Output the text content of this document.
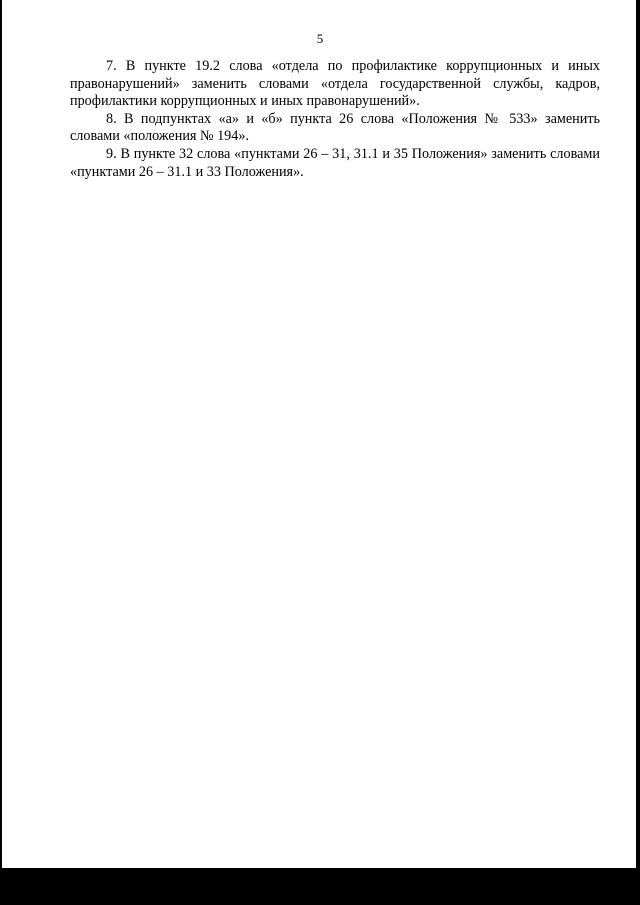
5

7. В пункте 19.2 слова «отдела по профилактике коррупционных и иных правонарушений» заменить словами «отдела государственной службы, кадров, профилактики коррупционных и иных правонарушений».

8. В подпунктах «а» и «б» пункта 26 слова «Положения № 533» заменить словами «положения № 194».

9. В пункте 32 слова «пунктами 26 – 31, 31.1 и 35 Положения» заменить словами «пунктами 26 – 31.1 и 33 Положения».
